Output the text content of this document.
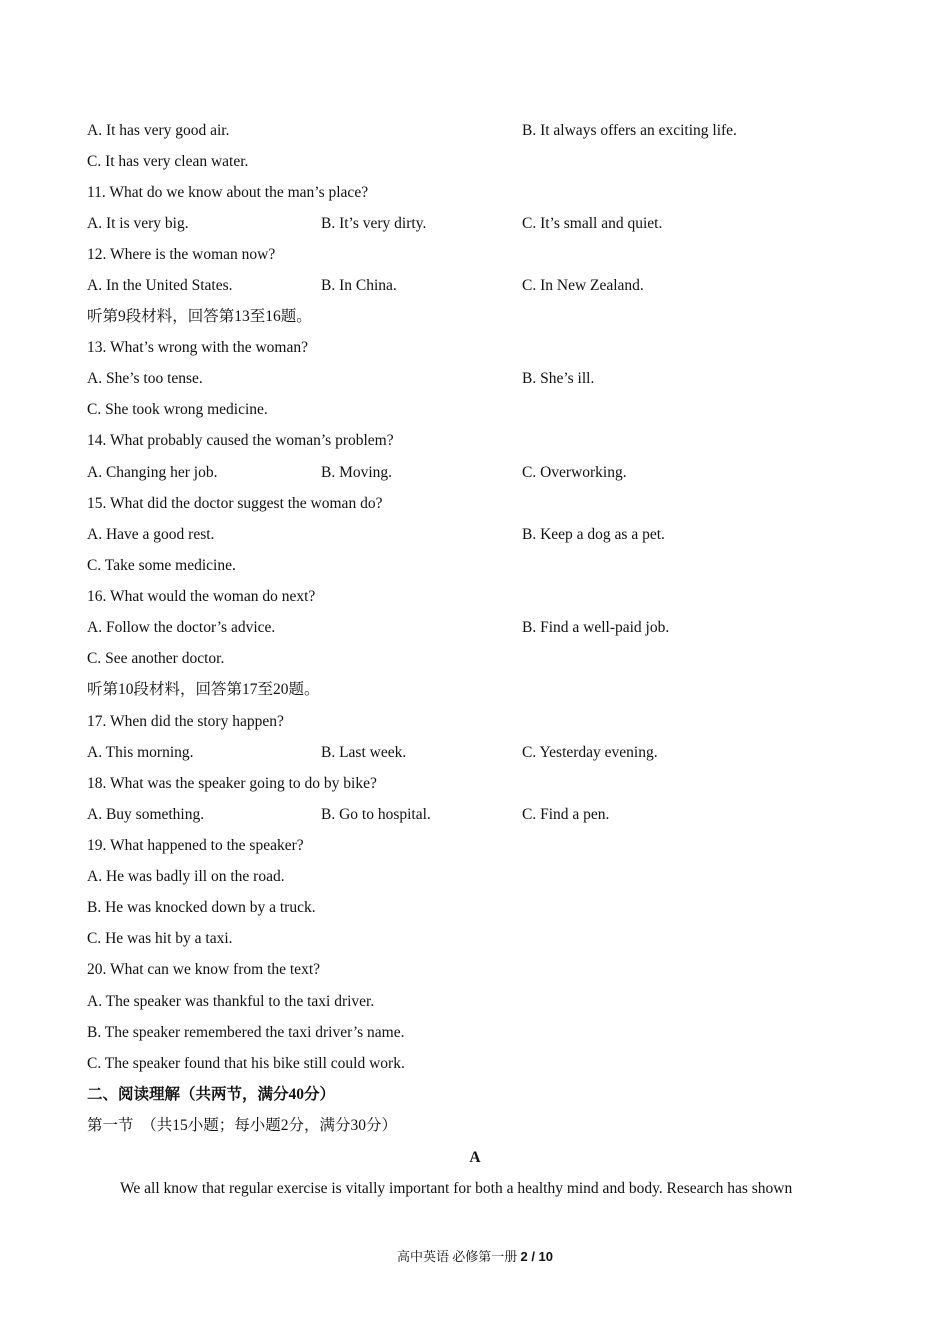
A. It has very good air.	B. It always offers an exciting life.
C. It has very clean water.
11. What do we know about the man’s place?
A. It is very big.	B. It’s very dirty.	C. It’s small and quiet.
12. Where is the woman now?
A. In the United States.	B. In China.	C. In New Zealand.
听第9段材料，回答第13至16题。
13. What’s wrong with the woman?
A. She’s too tense.	B. She’s ill.
C. She took wrong medicine.
14. What probably caused the woman’s problem?
A. Changing her job.	B. Moving.	C. Overworking.
15. What did the doctor suggest the woman do?
A. Have a good rest.	B. Keep a dog as a pet.
C. Take some medicine.
16. What would the woman do next?
A. Follow the doctor’s advice.	B. Find a well-paid job.
C. See another doctor.
听第10段材料，回答第17至20题。
17. When did the story happen?
A. This morning.	B. Last week.	C. Yesterday evening.
18. What was the speaker going to do by bike?
A. Buy something.	B. Go to hospital.	C. Find a pen.
19. What happened to the speaker?
A. He was badly ill on the road.
B. He was knocked down by a truck.
C. He was hit by a taxi.
20. What can we know from the text?
A. The speaker was thankful to the taxi driver.
B. The speaker remembered the taxi driver’s name.
C. The speaker found that his bike still could work.
二、阅读理解（共两节，满分40分）
第一节　（共15小题；每小题2分，满分30分）
A
We all know that regular exercise is vitally important for both a healthy mind and body. Research has shown
高中英语 必修第一册 2 / 10
